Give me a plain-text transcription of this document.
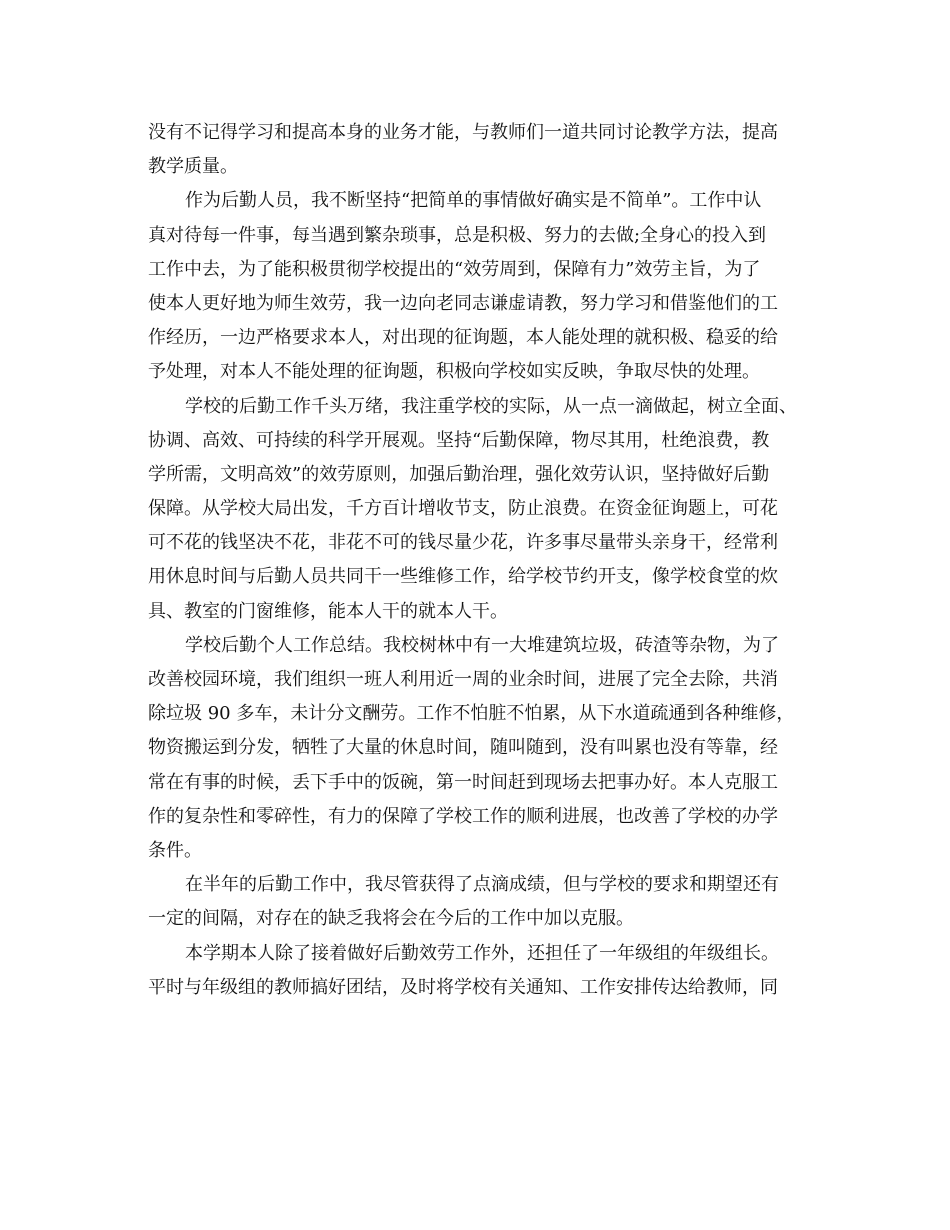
没有不记得学习和提高本身的业务才能，与教师们一道共同讨论教学方法，提高
教学质量。
作为后勤人员，我不断坚持“把简单的事情做好确实是不简单”。工作中认
真对待每一件事，每当遇到繁杂琐事，总是积极、努力的去做;全身心的投入到
工作中去，为了能积极贯彻学校提出的“效劳周到，保障有力”效劳主旨，为了
使本人更好地为师生效劳，我一边向老同志谦虚请教，努力学习和借鉴他们的工
作经历，一边严格要求本人，对出现的征询题，本人能处理的就积极、稳妥的给
予处理，对本人不能处理的征询题，积极向学校如实反映，争取尽快的处理。
学校的后勤工作千头万绪，我注重学校的实际，从一点一滴做起，树立全面、
协调、高效、可持续的科学开展观。坚持“后勤保障，物尽其用，杜绝浪费，教
学所需，文明高效”的效劳原则，加强后勤治理，强化效劳认识，坚持做好后勤
保障。从学校大局出发，千方百计增收节支，防止浪费。在资金征询题上，可花
可不花的钱坚决不花，非花不可的钱尽量少花，许多事尽量带头亲身干，经常利
用休息时间与后勤人员共同干一些维修工作，给学校节约开支，像学校食堂的炊
具、教室的门窗维修，能本人干的就本人干。
学校后勤个人工作总结。我校树林中有一大堆建筑垃圾，砖渣等杂物，为了
改善校园环境，我们组织一班人利用近一周的业余时间，进展了完全去除，共消
除垃圾 90 多车，未计分文酬劳。工作不怕脏不怕累，从下水道疏通到各种维修，
物资搬运到分发，牺牲了大量的休息时间，随叫随到，没有叫累也没有等靠，经
常在有事的时候，丢下手中的饭碗，第一时间赶到现场去把事办好。本人克服工
作的复杂性和零碎性，有力的保障了学校工作的顺利进展，也改善了学校的办学
条件。
在半年的后勤工作中，我尽管获得了点滴成绩，但与学校的要求和期望还有
一定的间隔，对存在的缺乏我将会在今后的工作中加以克服。
本学期本人除了接着做好后勤效劳工作外，还担任了一年级组的年级组长。
平时与年级组的教师搞好团结，及时将学校有关通知、工作安排传达给教师，同
